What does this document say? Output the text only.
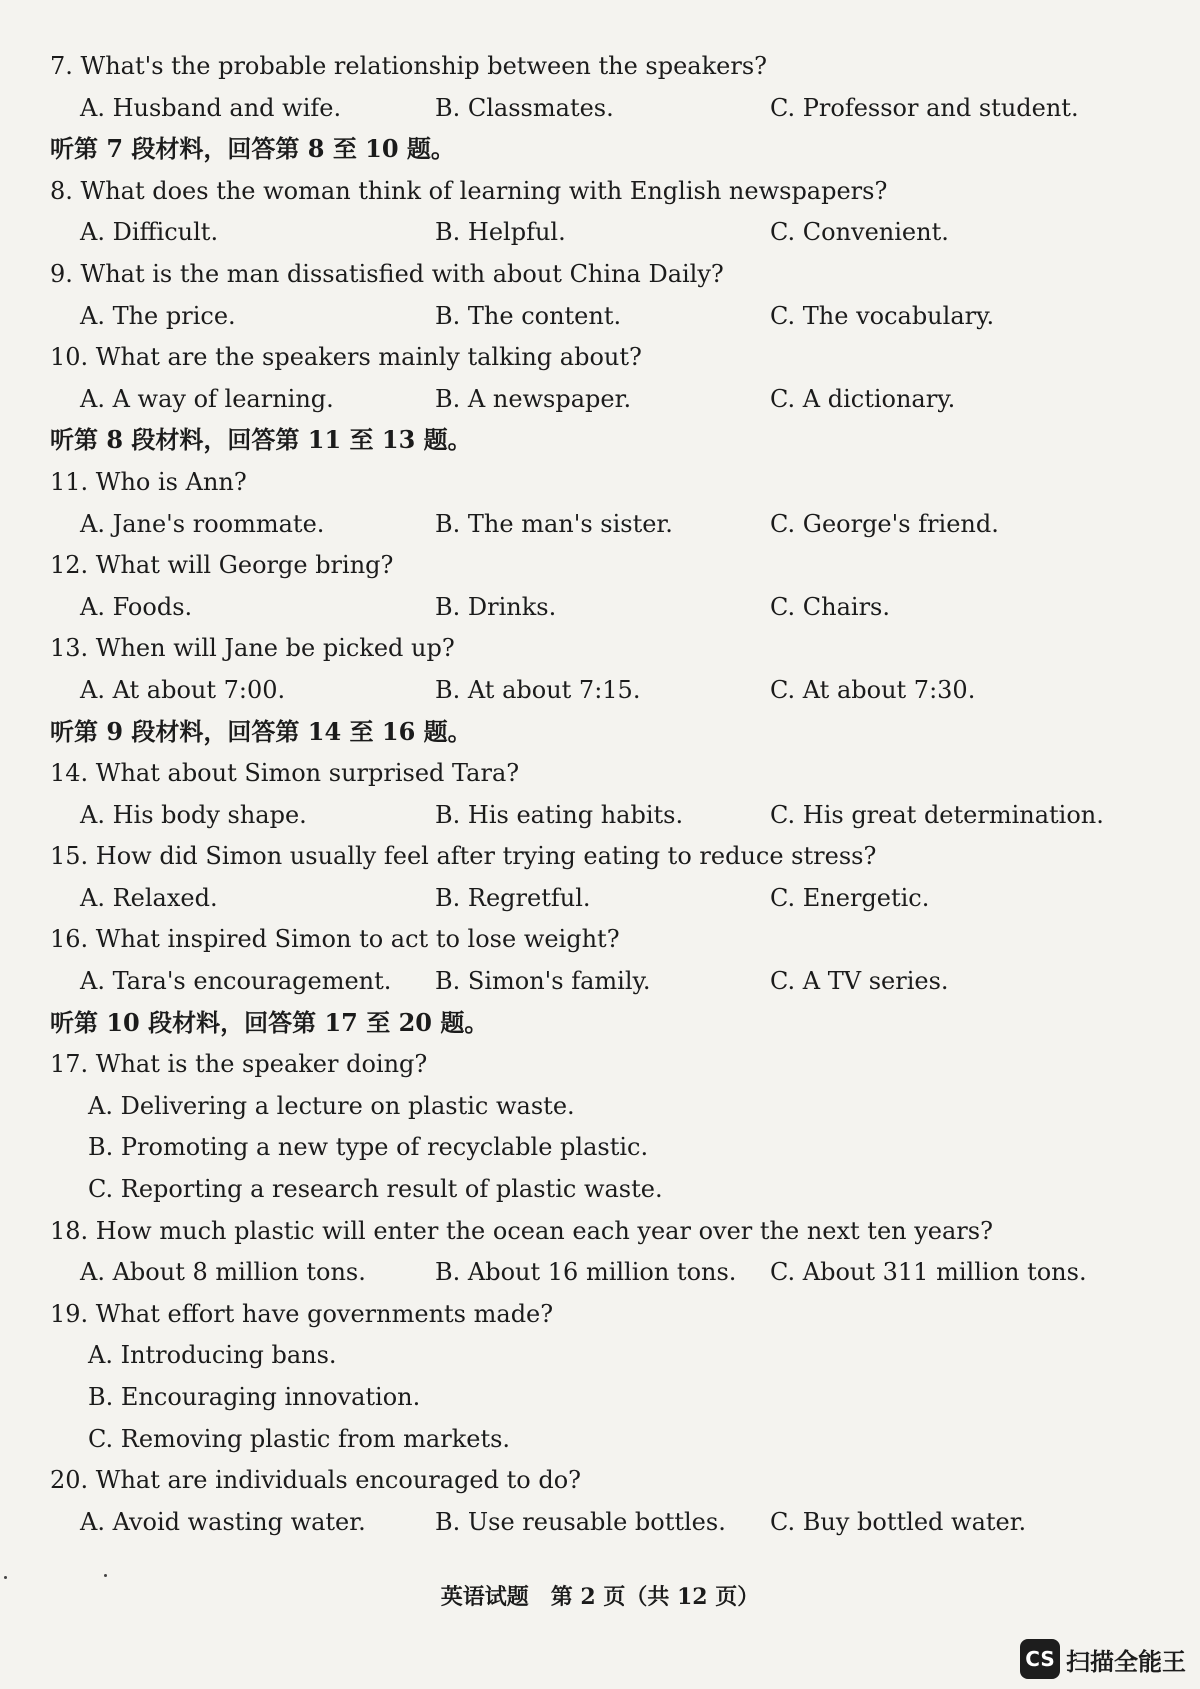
7. What's the probable relationship between the speakers?
A. Husband and wife.	B. Classmates.	C. Professor and student.
听第 7 段材料，回答第 8 至 10 题。
8. What does the woman think of learning with English newspapers?
A. Difficult.	B. Helpful.	C. Convenient.
9. What is the man dissatisfied with about China Daily?
A. The price.	B. The content.	C. The vocabulary.
10. What are the speakers mainly talking about?
A. A way of learning.	B. A newspaper.	C. A dictionary.
听第 8 段材料，回答第 11 至 13 题。
11. Who is Ann?
A. Jane's roommate.	B. The man's sister.	C. George's friend.
12. What will George bring?
A. Foods.	B. Drinks.	C. Chairs.
13. When will Jane be picked up?
A. At about 7:00.	B. At about 7:15.	C. At about 7:30.
听第 9 段材料，回答第 14 至 16 题。
14. What about Simon surprised Tara?
A. His body shape.	B. His eating habits.	C. His great determination.
15. How did Simon usually feel after trying eating to reduce stress?
A. Relaxed.	B. Regretful.	C. Energetic.
16. What inspired Simon to act to lose weight?
A. Tara's encouragement. B. Simon's family.	C. A TV series.
听第 10 段材料，回答第 17 至 20 题。
17. What is the speaker doing?
A. Delivering a lecture on plastic waste.
B. Promoting a new type of recyclable plastic.
C. Reporting a research result of plastic waste.
18. How much plastic will enter the ocean each year over the next ten years?
A. About 8 million tons.	B. About 16 million tons. C. About 311 million tons.
19. What effort have governments made?
A. Introducing bans.
B. Encouraging innovation.
C. Removing plastic from markets.
20. What are individuals encouraged to do?
A. Avoid wasting water.	B. Use reusable bottles. C. Buy bottled water.
英语试题　第 2 页（共 12 页）
CS 扫描全能王
